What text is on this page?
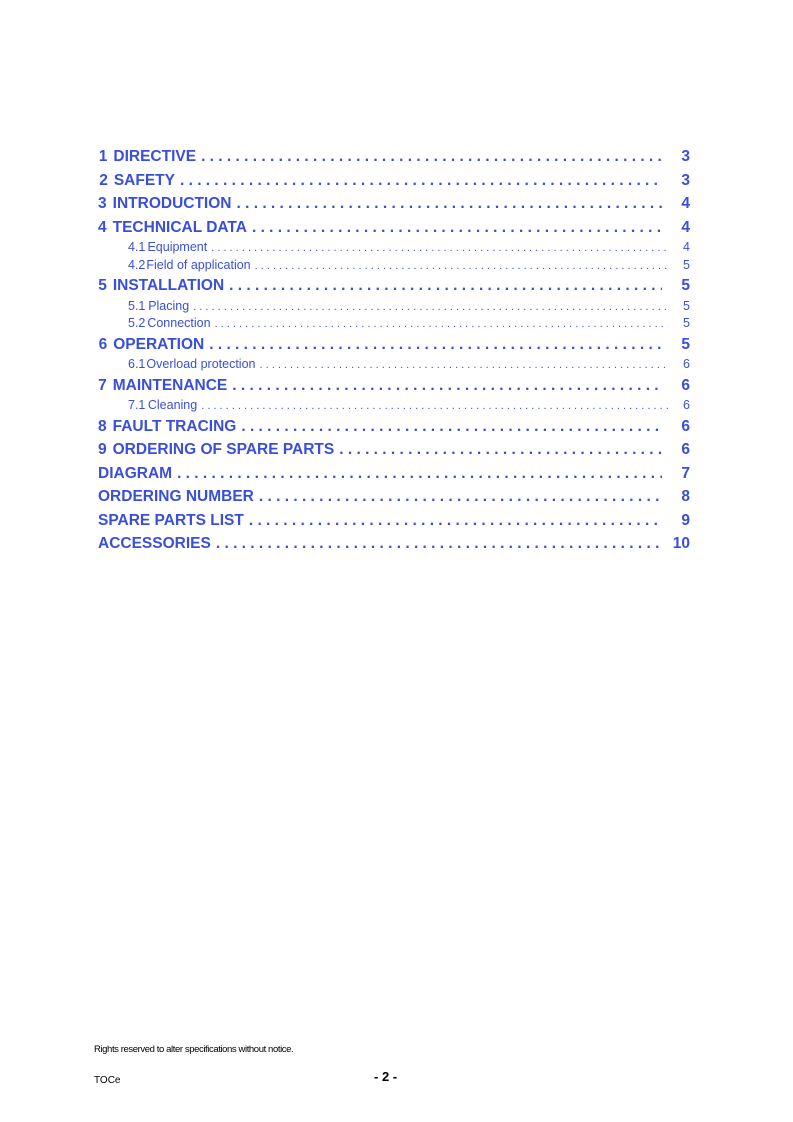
1 DIRECTIVE . . .	3
2 SAFETY . . .	3
3 INTRODUCTION . . .	4
4 TECHNICAL DATA . . .	4
4.1 Equipment . . .	4
4.2 Field of application . . .	5
5 INSTALLATION . . .	5
5.1 Placing . . .	5
5.2 Connection . . .	5
6 OPERATION . . .	5
6.1 Overload protection . . .	6
7 MAINTENANCE . . .	6
7.1 Cleaning . . .	6
8 FAULT TRACING . . .	6
9 ORDERING OF SPARE PARTS . . .	6
DIAGRAM . . .	7
ORDERING NUMBER . . .	8
SPARE PARTS LIST . . .	9
ACCESSORIES . . .	10
Rights reserved to alter specifications without notice.
TOCe	- 2 -
